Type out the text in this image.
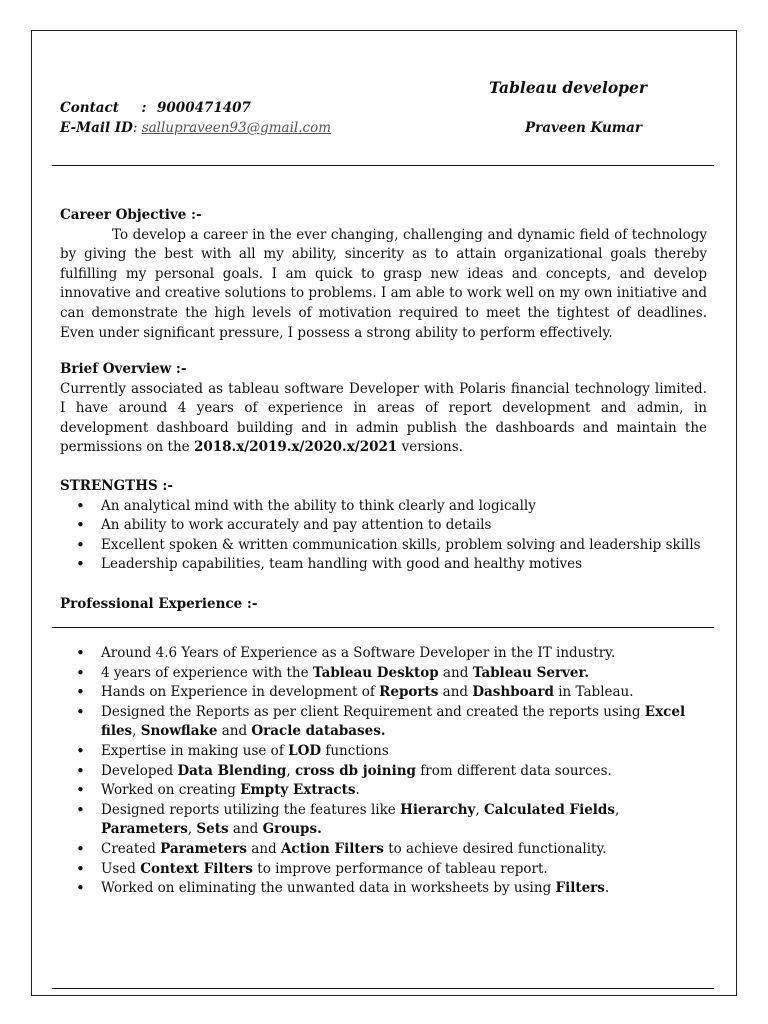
Tableau developer
Contact : 9000471407
E-Mail ID: sallupraveen93@gmail.com	Praveen Kumar
Career Objective :-
To develop a career in the ever changing, challenging and dynamic field of technology by giving the best with all my ability, sincerity as to attain organizational goals thereby fulfilling my personal goals. I am quick to grasp new ideas and concepts, and develop innovative and creative solutions to problems. I am able to work well on my own initiative and can demonstrate the high levels of motivation required to meet the tightest of deadlines. Even under significant pressure, I possess a strong ability to perform effectively.
Brief Overview :-
Currently associated as tableau software Developer with Polaris financial technology limited. I have around 4 years of experience in areas of report development and admin, in development dashboard building and in admin publish the dashboards and maintain the permissions on the 2018.x/2019.x/2020.x/2021 versions.
STRENGTHS :-
• An analytical mind with the ability to think clearly and logically
• An ability to work accurately and pay attention to details
• Excellent spoken & written communication skills, problem solving and leadership skills
• Leadership capabilities, team handling with good and healthy motives
Professional Experience :-
• Around 4.6 Years of Experience as a Software Developer in the IT industry.
• 4 years of experience with the Tableau Desktop and Tableau Server.
• Hands on Experience in development of Reports and Dashboard in Tableau.
• Designed the Reports as per client Requirement and created the reports using Excel files, Snowflake and Oracle databases.
• Expertise in making use of LOD functions
• Developed Data Blending, cross db joining from different data sources.
• Worked on creating Empty Extracts.
• Designed reports utilizing the features like Hierarchy, Calculated Fields, Parameters, Sets and Groups.
• Created Parameters and Action Filters to achieve desired functionality.
• Used Context Filters to improve performance of tableau report.
• Worked on eliminating the unwanted data in worksheets by using Filters.
